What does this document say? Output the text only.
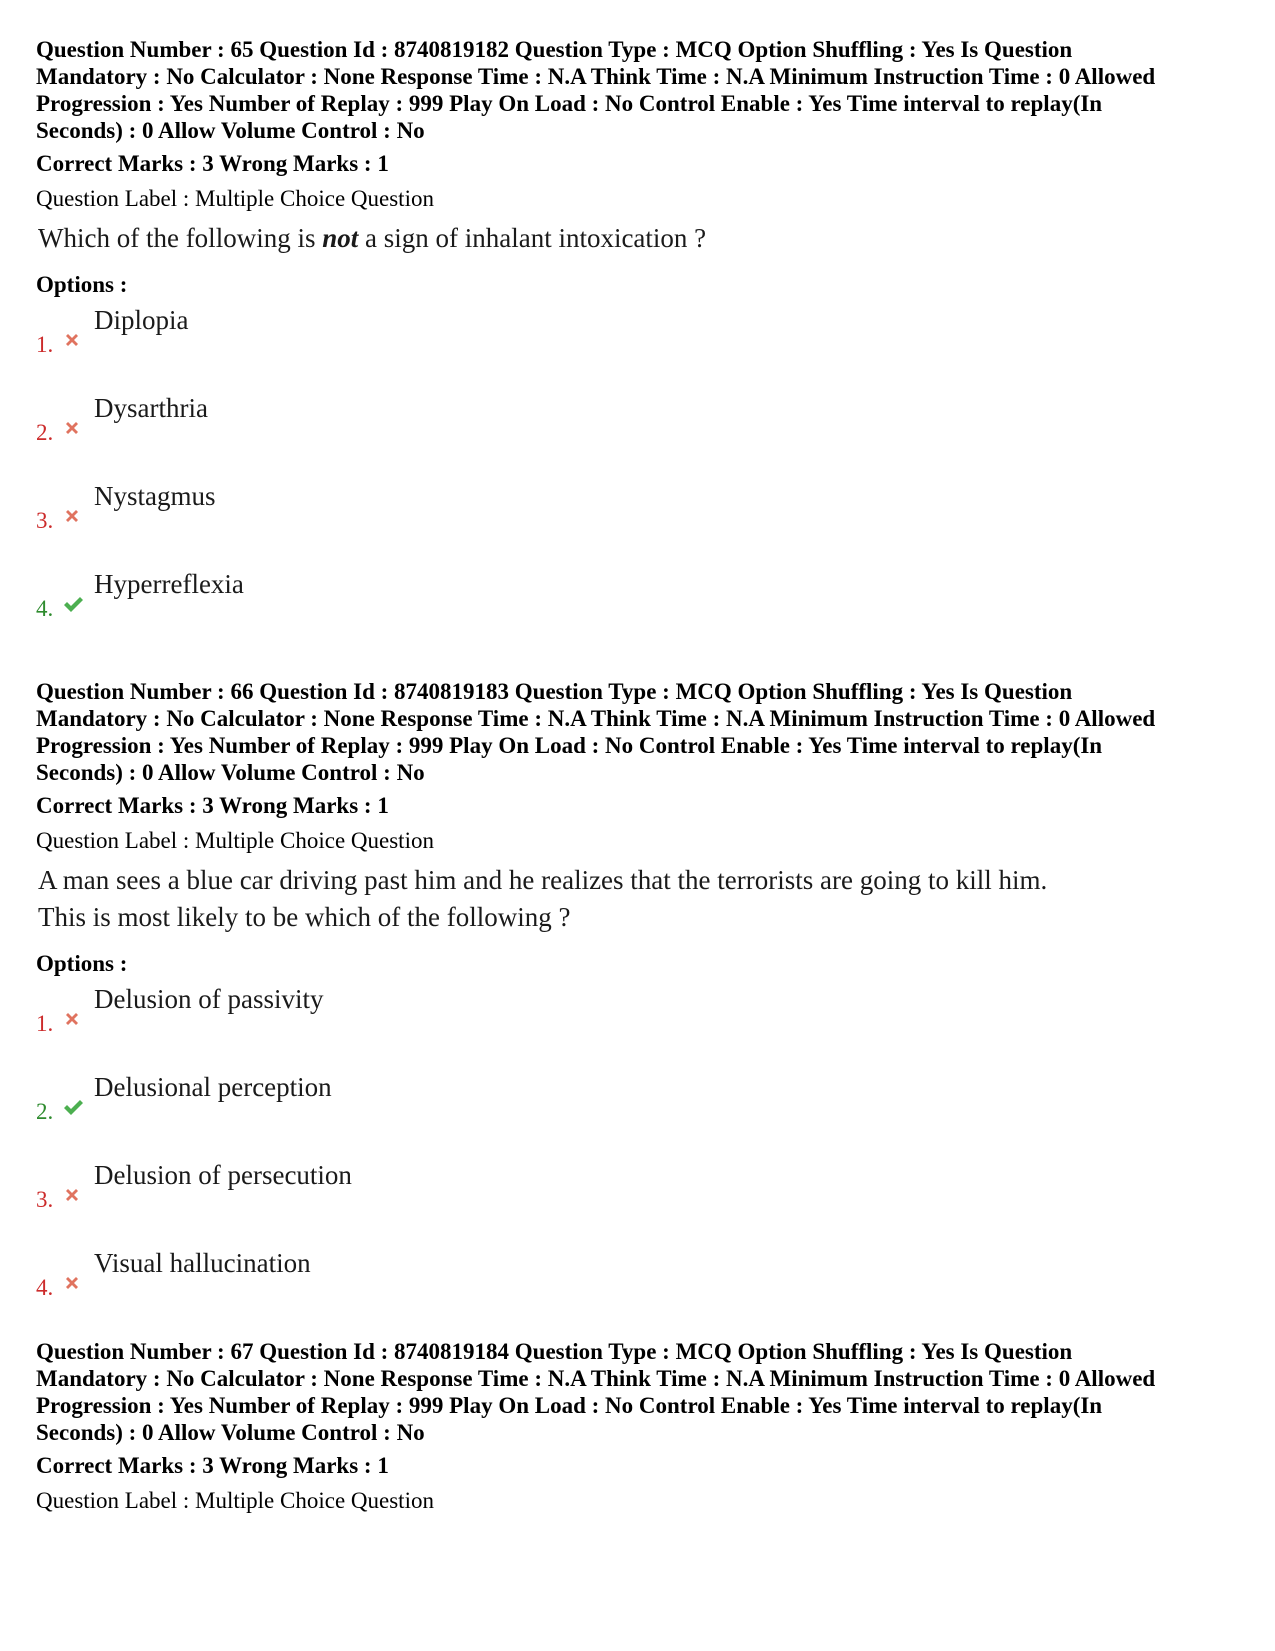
Question Number : 65 Question Id : 8740819182 Question Type : MCQ Option Shuffling : Yes Is Question Mandatory : No Calculator : None Response Time : N.A Think Time : N.A Minimum Instruction Time : 0 Allowed Progression : Yes Number of Replay : 999 Play On Load : No Control Enable : Yes Time interval to replay(In Seconds) : 0 Allow Volume Control : No

Correct Marks : 3 Wrong Marks : 1
Question Label : Multiple Choice Question
Which of the following is not a sign of inhalant intoxication ?
Options :
1.
Diplopia
2.
Dysarthria
3.
Nystagmus
4.
Hyperreflexia

Question Number : 66 Question Id : 8740819183 Question Type : MCQ Option Shuffling : Yes Is Question Mandatory : No Calculator : None Response Time : N.A Think Time : N.A Minimum Instruction Time : 0 Allowed Progression : Yes Number of Replay : 999 Play On Load : No Control Enable : Yes Time interval to replay(In Seconds) : 0 Allow Volume Control : No

Correct Marks : 3 Wrong Marks : 1
Question Label : Multiple Choice Question
A man sees a blue car driving past him and he realizes that the terrorists are going to kill him. This is most likely to be which of the following ?
Options :
1.
Delusion of passivity
2.
Delusional perception
3.
Delusion of persecution
4.
Visual hallucination

Question Number : 67 Question Id : 8740819184 Question Type : MCQ Option Shuffling : Yes Is Question Mandatory : No Calculator : None Response Time : N.A Think Time : N.A Minimum Instruction Time : 0 Allowed Progression : Yes Number of Replay : 999 Play On Load : No Control Enable : Yes Time interval to replay(In Seconds) : 0 Allow Volume Control : No

Correct Marks : 3 Wrong Marks : 1
Question Label : Multiple Choice Question
